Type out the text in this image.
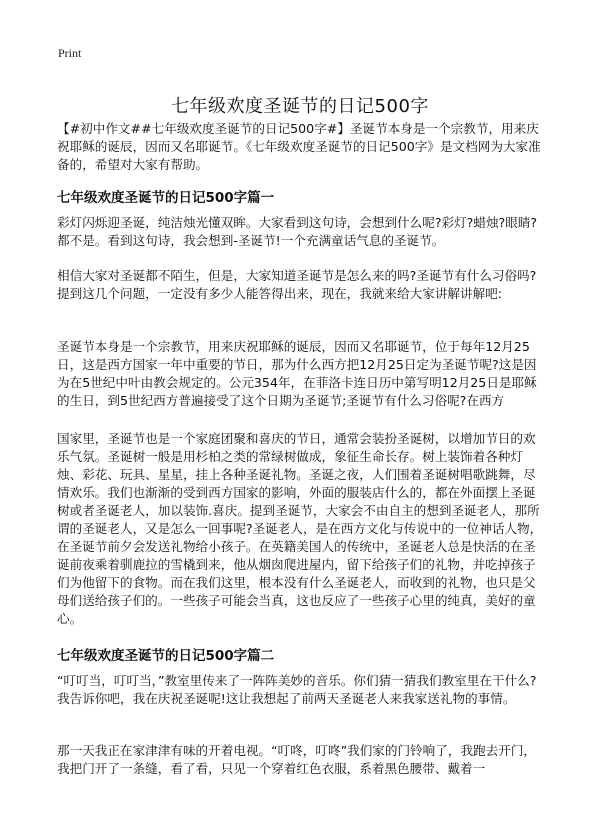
Print
七年级欢度圣诞节的日记500字

【#初中作文##七年级欢度圣诞节的日记500字#】圣诞节本身是一个宗教节，用来庆祝耶稣的诞辰，因而又名耶诞节。《七年级欢度圣诞节的日记500字》是文档网为大家准备的，希望对大家有帮助。

七年级欢度圣诞节的日记500字篇一

彩灯闪烁迎圣诞，纯洁烛光懂双眸。大家看到这句诗，会想到什么呢?彩灯?蜡烛?眼睛?都不是。看到这句诗，我会想到-圣诞节!一个充满童话气息的圣诞节。

相信大家对圣诞都不陌生，但是，大家知道圣诞节是怎么来的吗?圣诞节有什么习俗吗?提到这几个问题，一定没有多少人能答得出来，现在，我就来给大家讲解讲解吧:

圣诞节本身是一个宗教节，用来庆祝耶稣的诞辰，因而又名耶诞节，位于每年12月25日，这是西方国家一年中重要的节日，那为什么西方把12月25日定为圣诞节呢?这是因为在5世纪中叶由教会规定的。公元354年，在菲洛卡连日历中第写明12月25日是耶稣的生日，到5世纪西方普遍接受了这个日期为圣诞节;圣诞节有什么习俗呢?在西方

国家里，圣诞节也是一个家庭团聚和喜庆的节日，通常会装扮圣诞树，以增加节日的欢乐气氛。圣诞树一般是用杉柏之类的常绿树做成，象征生命长存。树上装饰着各种灯烛、彩花、玩具、星星，挂上各种圣诞礼物。圣诞之夜，人们围着圣诞树唱歌跳舞，尽情欢乐。我们也渐渐的受到西方国家的影响，外面的服装店什么的，都在外面摆上圣诞树或者圣诞老人，加以装饰.喜庆。提到圣诞节，大家会不由自主的想到圣诞老人，那所谓的圣诞老人，又是怎么一回事呢?圣诞老人，是在西方文化与传说中的一位神话人物，在圣诞节前夕会发送礼物给小孩子。在英籍美国人的传统中，圣诞老人总是快活的在圣诞前夜乘着驯鹿拉的雪橇到来，他从烟囱爬进屋内，留下给孩子们的礼物，并吃掉孩子们为他留下的食物。而在我们这里，根本没有什么圣诞老人，而收到的礼物，也只是父母们送给孩子们的。一些孩子可能会当真，这也反应了一些孩子心里的纯真，美好的童心。

七年级欢度圣诞节的日记500字篇二

“叮叮当，叮叮当，”教室里传来了一阵阵美妙的音乐。你们猜一猜我们教室里在干什么?我告诉你吧，我在庆祝圣诞呢!这让我想起了前两天圣诞老人来我家送礼物的事情。

那一天我正在家津津有味的开着电视。“叮咚，叮咚”我们家的门铃响了，我跑去开门，我把门开了一条缝，看了看，只见一个穿着红色衣服，系着黑色腰带、戴着一
